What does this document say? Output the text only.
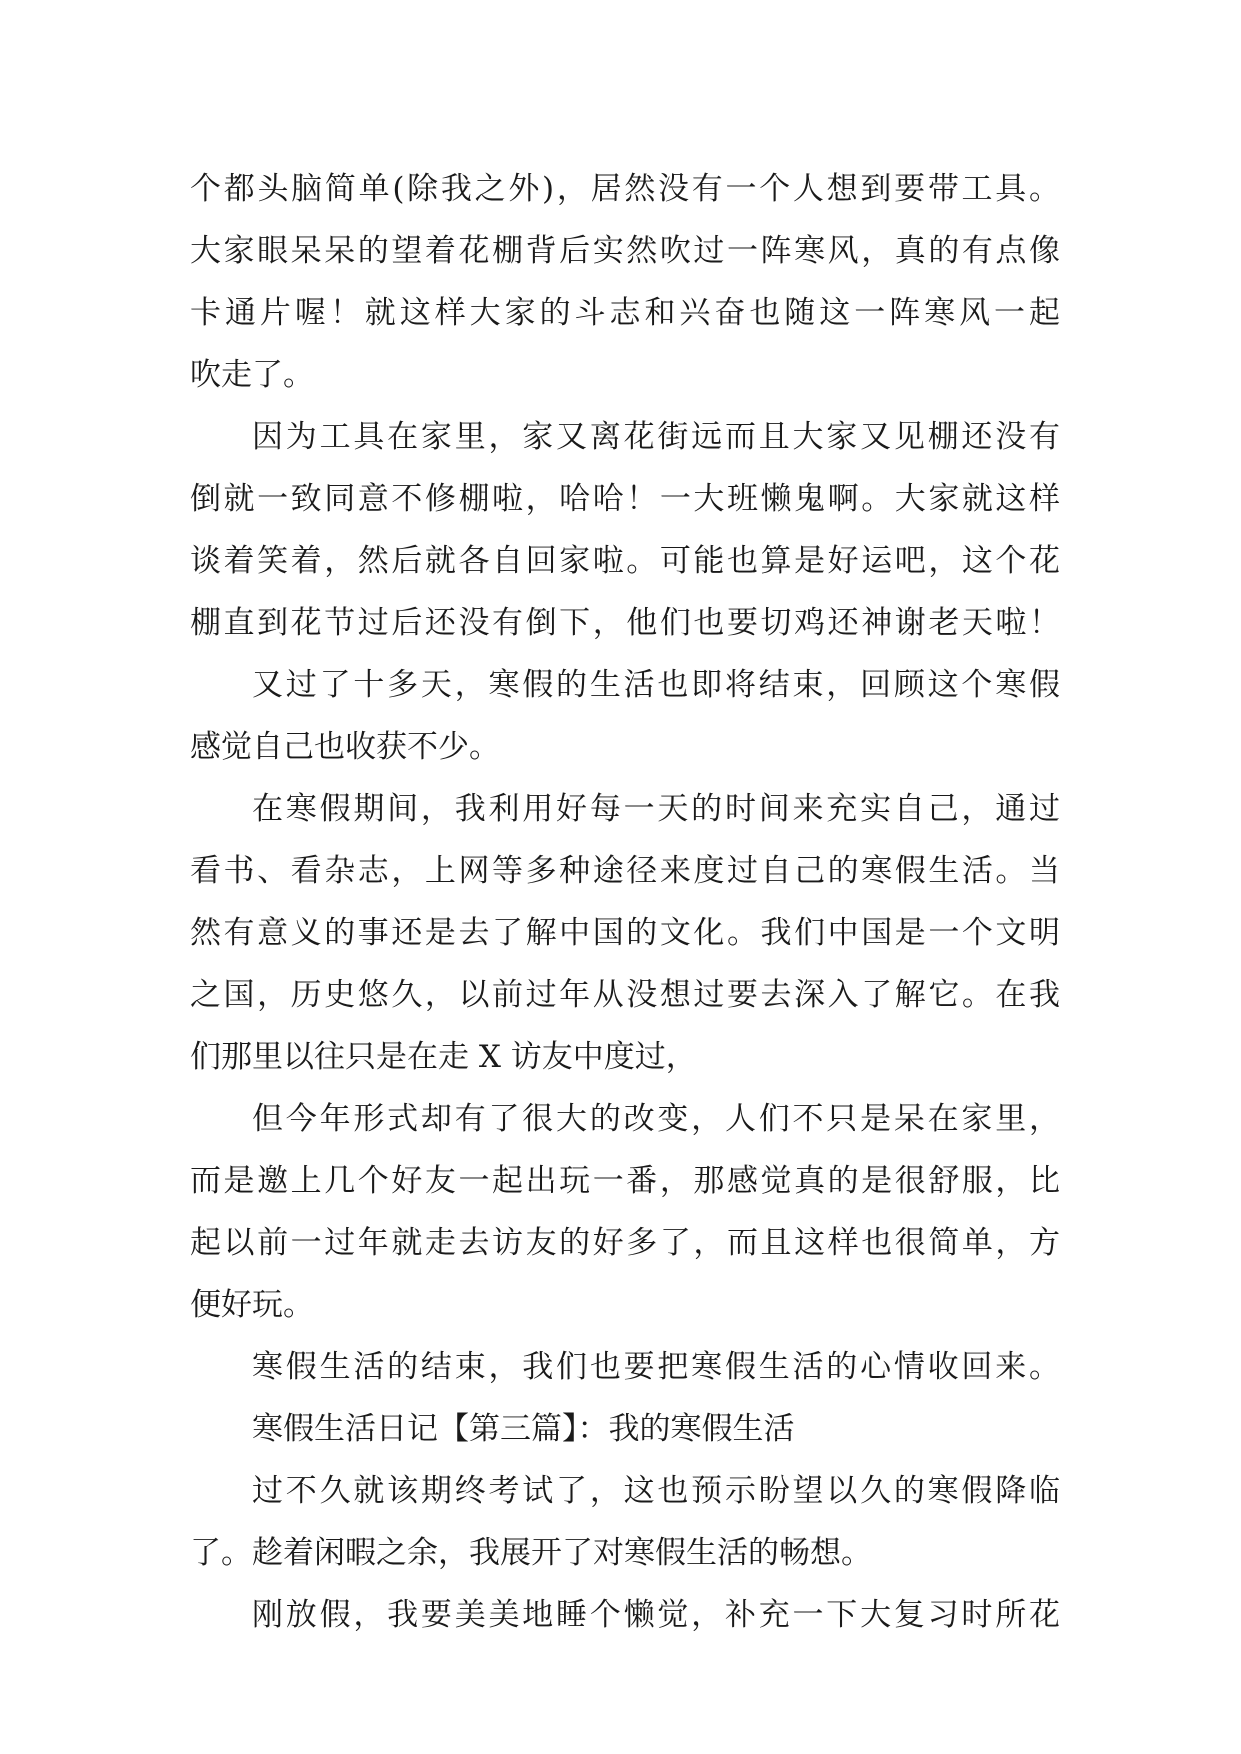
个都头脑简单(除我之外)，居然没有一个人想到要带工具。
大家眼呆呆的望着花棚背后实然吹过一阵寒风，真的有点像
卡通片喔！就这样大家的斗志和兴奋也随这一阵寒风一起
吹走了。
因为工具在家里，家又离花街远而且大家又见棚还没有
倒就一致同意不修棚啦，哈哈！一大班懒鬼啊。大家就这样
谈着笑着，然后就各自回家啦。可能也算是好运吧，这个花
棚直到花节过后还没有倒下，他们也要切鸡还神谢老天啦！
又过了十多天，寒假的生活也即将结束，回顾这个寒假
感觉自己也收获不少。
在寒假期间，我利用好每一天的时间来充实自己，通过
看书、看杂志，上网等多种途径来度过自己的寒假生活。当
然有意义的事还是去了解中国的文化。我们中国是一个文明
之国，历史悠久，以前过年从没想过要去深入了解它。在我
们那里以往只是在走 X 访友中度过，
但今年形式却有了很大的改变，人们不只是呆在家里，
而是邀上几个好友一起出玩一番，那感觉真的是很舒服，比
起以前一过年就走去访友的好多了，而且这样也很简单，方
便好玩。
寒假生活的结束，我们也要把寒假生活的心情收回来。
寒假生活日记【第三篇】：我的寒假生活
过不久就该期终考试了，这也预示盼望以久的寒假降临
了。趁着闲暇之余，我展开了对寒假生活的畅想。
刚放假，我要美美地睡个懒觉，补充一下大复习时所花
